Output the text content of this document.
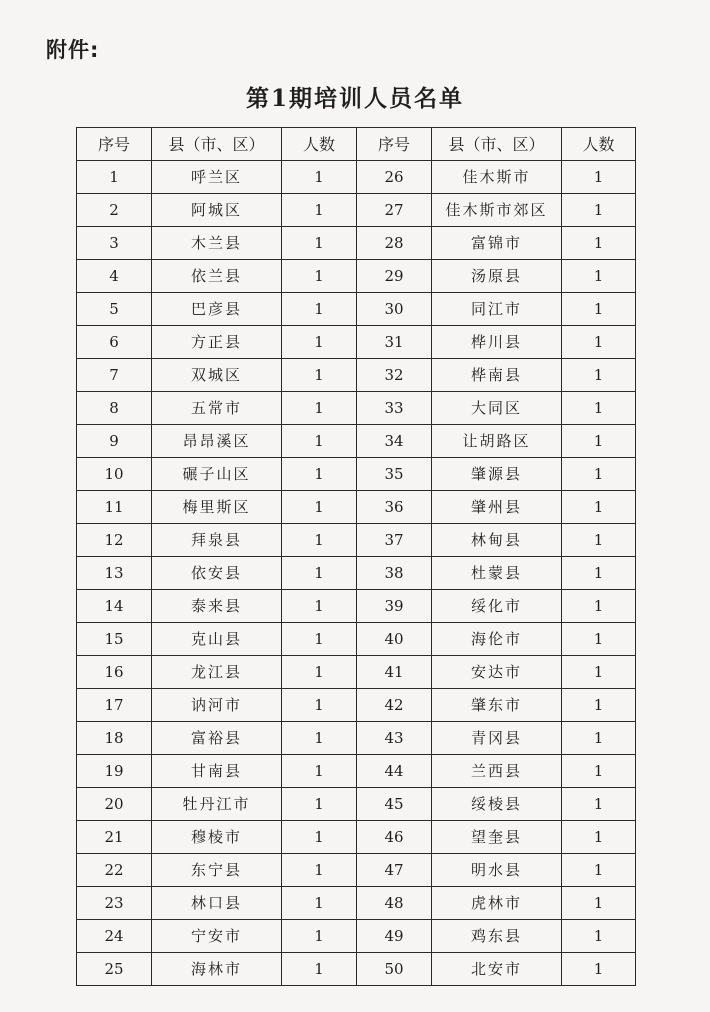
附件:
第1期培训人员名单
序号	县（市、区）	人数	序号	县（市、区）	人数
1	呼兰区	1	26	佳木斯市	1
2	阿城区	1	27	佳木斯市郊区	1
3	木兰县	1	28	富锦市	1
4	依兰县	1	29	汤原县	1
5	巴彦县	1	30	同江市	1
6	方正县	1	31	桦川县	1
7	双城区	1	32	桦南县	1
8	五常市	1	33	大同区	1
9	昂昂溪区	1	34	让胡路区	1
10	碾子山区	1	35	肇源县	1
11	梅里斯区	1	36	肇州县	1
12	拜泉县	1	37	林甸县	1
13	依安县	1	38	杜蒙县	1
14	泰来县	1	39	绥化市	1
15	克山县	1	40	海伦市	1
16	龙江县	1	41	安达市	1
17	讷河市	1	42	肇东市	1
18	富裕县	1	43	青冈县	1
19	甘南县	1	44	兰西县	1
20	牡丹江市	1	45	绥棱县	1
21	穆棱市	1	46	望奎县	1
22	东宁县	1	47	明水县	1
23	林口县	1	48	虎林市	1
24	宁安市	1	49	鸡东县	1
25	海林市	1	50	北安市	1
